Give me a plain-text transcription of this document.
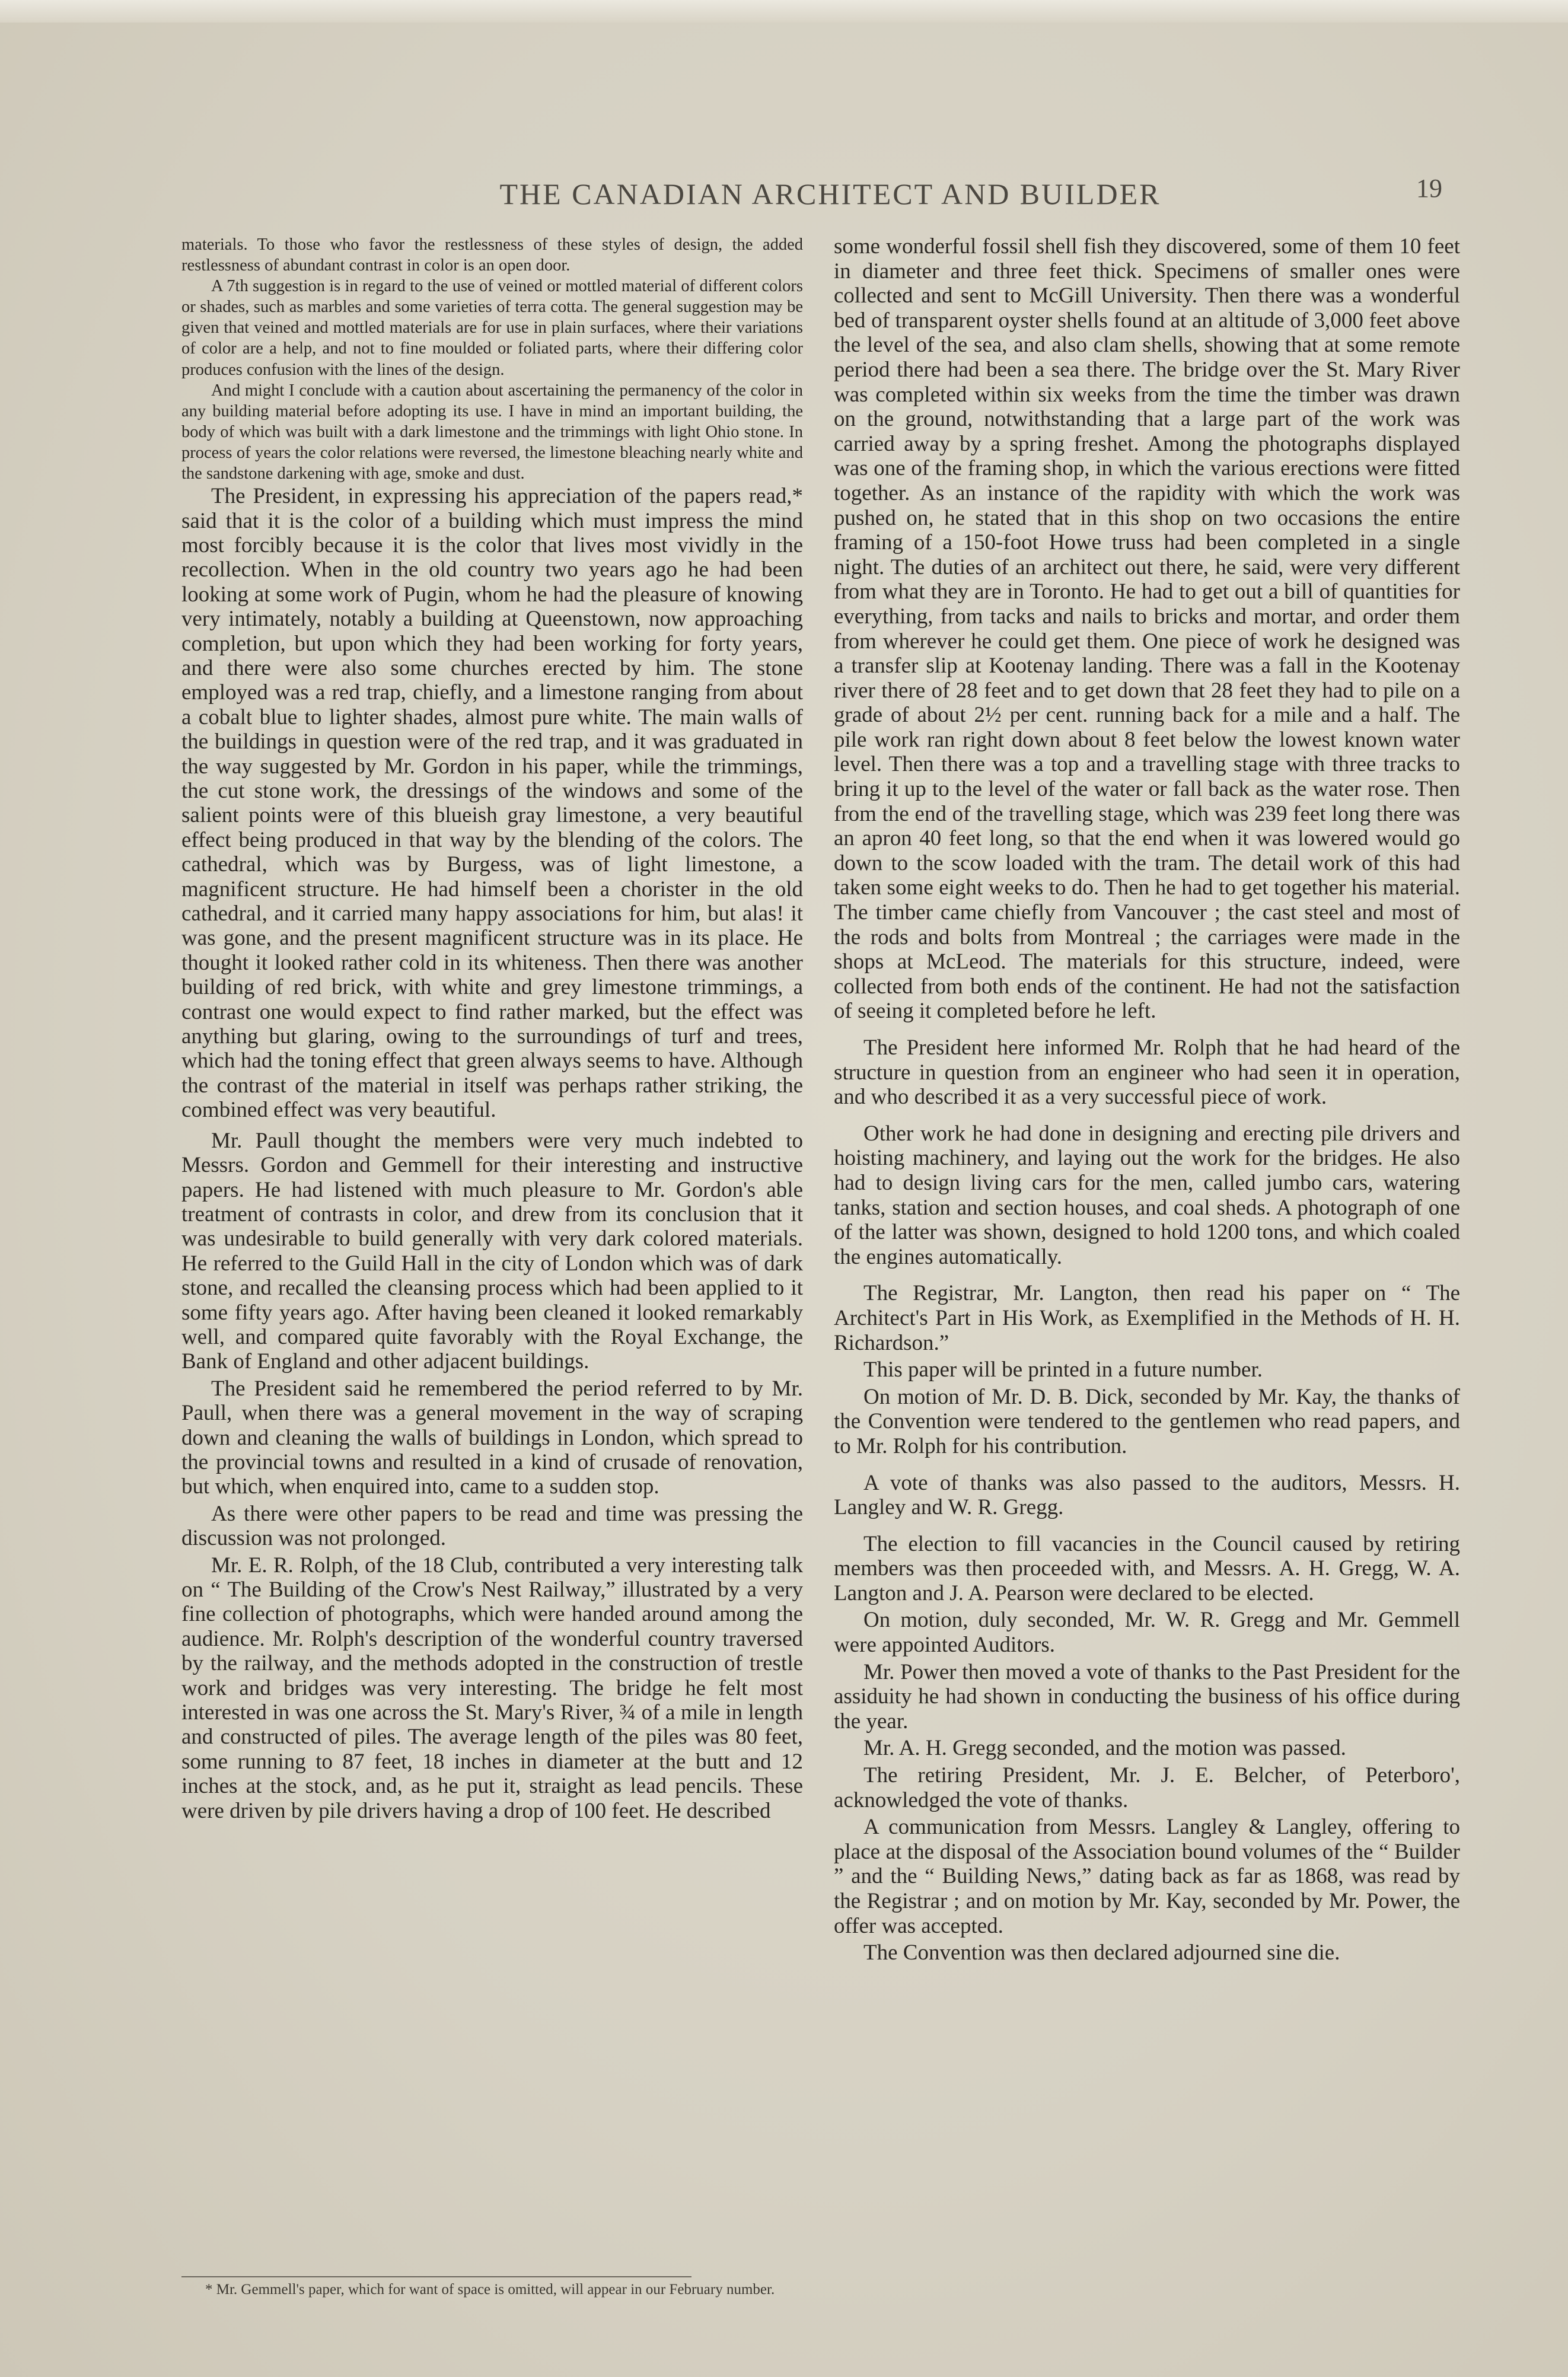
THE CANADIAN ARCHITECT AND BUILDER	19

materials. To those who favor the restlessness of these styles of design, the added restlessness of abundant contrast in color is an open door.

A 7th suggestion is in regard to the use of veined or mottled material of different colors or shades, such as marbles and some varieties of terra cotta. The general suggestion may be given that veined and mottled materials are for use in plain surfaces, where their variations of color are a help, and not to fine moulded or foliated parts, where their differing color produces confusion with the lines of the design.

And might I conclude with a caution about ascertaining the permanency of the color in any building material before adopting its use. I have in mind an important building, the body of which was built with a dark limestone and the trimmings with light Ohio stone. In process of years the color relations were reversed, the limestone bleaching nearly white and the sandstone darkening with age, smoke and dust.

The President, in expressing his appreciation of the papers read,* said that it is the color of a building which must impress the mind most forcibly because it is the color that lives most vividly in the recollection. When in the old country two years ago he had been looking at some work of Pugin, whom he had the pleasure of knowing very intimately, notably a building at Queenstown, now approaching completion, but upon which they had been working for forty years, and there were also some churches erected by him. The stone employed was a red trap, chiefly, and a limestone ranging from about a cobalt blue to lighter shades, almost pure white. The main walls of the buildings in question were of the red trap, and it was graduated in the way suggested by Mr. Gordon in his paper, while the trimmings, the cut stone work, the dressings of the windows and some of the salient points were of this blueish gray limestone, a very beautiful effect being produced in that way by the blending of the colors. The cathedral, which was by Burgess, was of light limestone, a magnificent structure. He had himself been a chorister in the old cathedral, and it carried many happy associations for him, but alas! it was gone, and the present magnificent structure was in its place. He thought it looked rather cold in its whiteness. Then there was another building of red brick, with white and grey limestone trimmings, a contrast one would expect to find rather marked, but the effect was anything but glaring, owing to the surroundings of turf and trees, which had the toning effect that green always seems to have. Although the contrast of the material in itself was perhaps rather striking, the combined effect was very beautiful.

Mr. Paull thought the members were very much indebted to Messrs. Gordon and Gemmell for their interesting and instructive papers. He had listened with much pleasure to Mr. Gordon's able treatment of contrasts in color, and drew from its conclusion that it was undesirable to build generally with very dark colored materials. He referred to the Guild Hall in the city of London which was of dark stone, and recalled the cleansing process which had been applied to it some fifty years ago. After having been cleaned it looked remarkably well, and compared quite favorably with the Royal Exchange, the Bank of England and other adjacent buildings.

The President said he remembered the period referred to by Mr. Paull, when there was a general movement in the way of scraping down and cleaning the walls of buildings in London, which spread to the provincial towns and resulted in a kind of crusade of renovation, but which, when enquired into, came to a sudden stop.

As there were other papers to be read and time was pressing the discussion was not prolonged.

Mr. E. R. Rolph, of the 18 Club, contributed a very interesting talk on “ The Building of the Crow's Nest Railway,” illustrated by a very fine collection of photographs, which were handed around among the audience. Mr. Rolph's description of the wonderful country traversed by the railway, and the methods adopted in the construction of trestle work and bridges was very interesting. The bridge he felt most interested in was one across the St. Mary's River, ¾ of a mile in length and constructed of piles. The average length of the piles was 80 feet, some running to 87 feet, 18 inches in diameter at the butt and 12 inches at the stock, and, as he put it, straight as lead pencils. These were driven by pile drivers having a drop of 100 feet. He described

* Mr. Gemmell's paper, which for want of space is omitted, will appear in our February number.

some wonderful fossil shell fish they discovered, some of them 10 feet in diameter and three feet thick. Specimens of smaller ones were collected and sent to McGill University. Then there was a wonderful bed of transparent oyster shells found at an altitude of 3,000 feet above the level of the sea, and also clam shells, showing that at some remote period there had been a sea there. The bridge over the St. Mary River was completed within six weeks from the time the timber was drawn on the ground, notwithstanding that a large part of the work was carried away by a spring freshet. Among the photographs displayed was one of the framing shop, in which the various erections were fitted together. As an instance of the rapidity with which the work was pushed on, he stated that in this shop on two occasions the entire framing of a 150-foot Howe truss had been completed in a single night. The duties of an architect out there, he said, were very different from what they are in Toronto. He had to get out a bill of quantities for everything, from tacks and nails to bricks and mortar, and order them from wherever he could get them. One piece of work he designed was a transfer slip at Kootenay landing. There was a fall in the Kootenay river there of 28 feet and to get down that 28 feet they had to pile on a grade of about 2½ per cent. running back for a mile and a half. The pile work ran right down about 8 feet below the lowest known water level. Then there was a top and a travelling stage with three tracks to bring it up to the level of the water or fall back as the water rose. Then from the end of the travelling stage, which was 239 feet long there was an apron 40 feet long, so that the end when it was lowered would go down to the scow loaded with the tram. The detail work of this had taken some eight weeks to do. Then he had to get together his material. The timber came chiefly from Vancouver ; the cast steel and most of the rods and bolts from Montreal ; the carriages were made in the shops at McLeod. The materials for this structure, indeed, were collected from both ends of the continent. He had not the satisfaction of seeing it completed before he left.

The President here informed Mr. Rolph that he had heard of the structure in question from an engineer who had seen it in operation, and who described it as a very successful piece of work.

Other work he had done in designing and erecting pile drivers and hoisting machinery, and laying out the work for the bridges. He also had to design living cars for the men, called jumbo cars, watering tanks, station and section houses, and coal sheds. A photograph of one of the latter was shown, designed to hold 1200 tons, and which coaled the engines automatically.

The Registrar, Mr. Langton, then read his paper on “ The Architect's Part in His Work, as Exemplified in the Methods of H. H. Richardson.”

This paper will be printed in a future number.

On motion of Mr. D. B. Dick, seconded by Mr. Kay, the thanks of the Convention were tendered to the gentlemen who read papers, and to Mr. Rolph for his contribution.

A vote of thanks was also passed to the auditors, Messrs. H. Langley and W. R. Gregg.

The election to fill vacancies in the Council caused by retiring members was then proceeded with, and Messrs. A. H. Gregg, W. A. Langton and J. A. Pearson were declared to be elected.

On motion, duly seconded, Mr. W. R. Gregg and Mr. Gemmell were appointed Auditors.

Mr. Power then moved a vote of thanks to the Past President for the assiduity he had shown in conducting the business of his office during the year.

Mr. A. H. Gregg seconded, and the motion was passed.

The retiring President, Mr. J. E. Belcher, of Peterboro', acknowledged the vote of thanks.

A communication from Messrs. Langley & Langley, offering to place at the disposal of the Association bound volumes of the “ Builder ” and the “ Building News,” dating back as far as 1868, was read by the Registrar ; and on motion by Mr. Kay, seconded by Mr. Power, the offer was accepted.

The Convention was then declared adjourned sine die.
